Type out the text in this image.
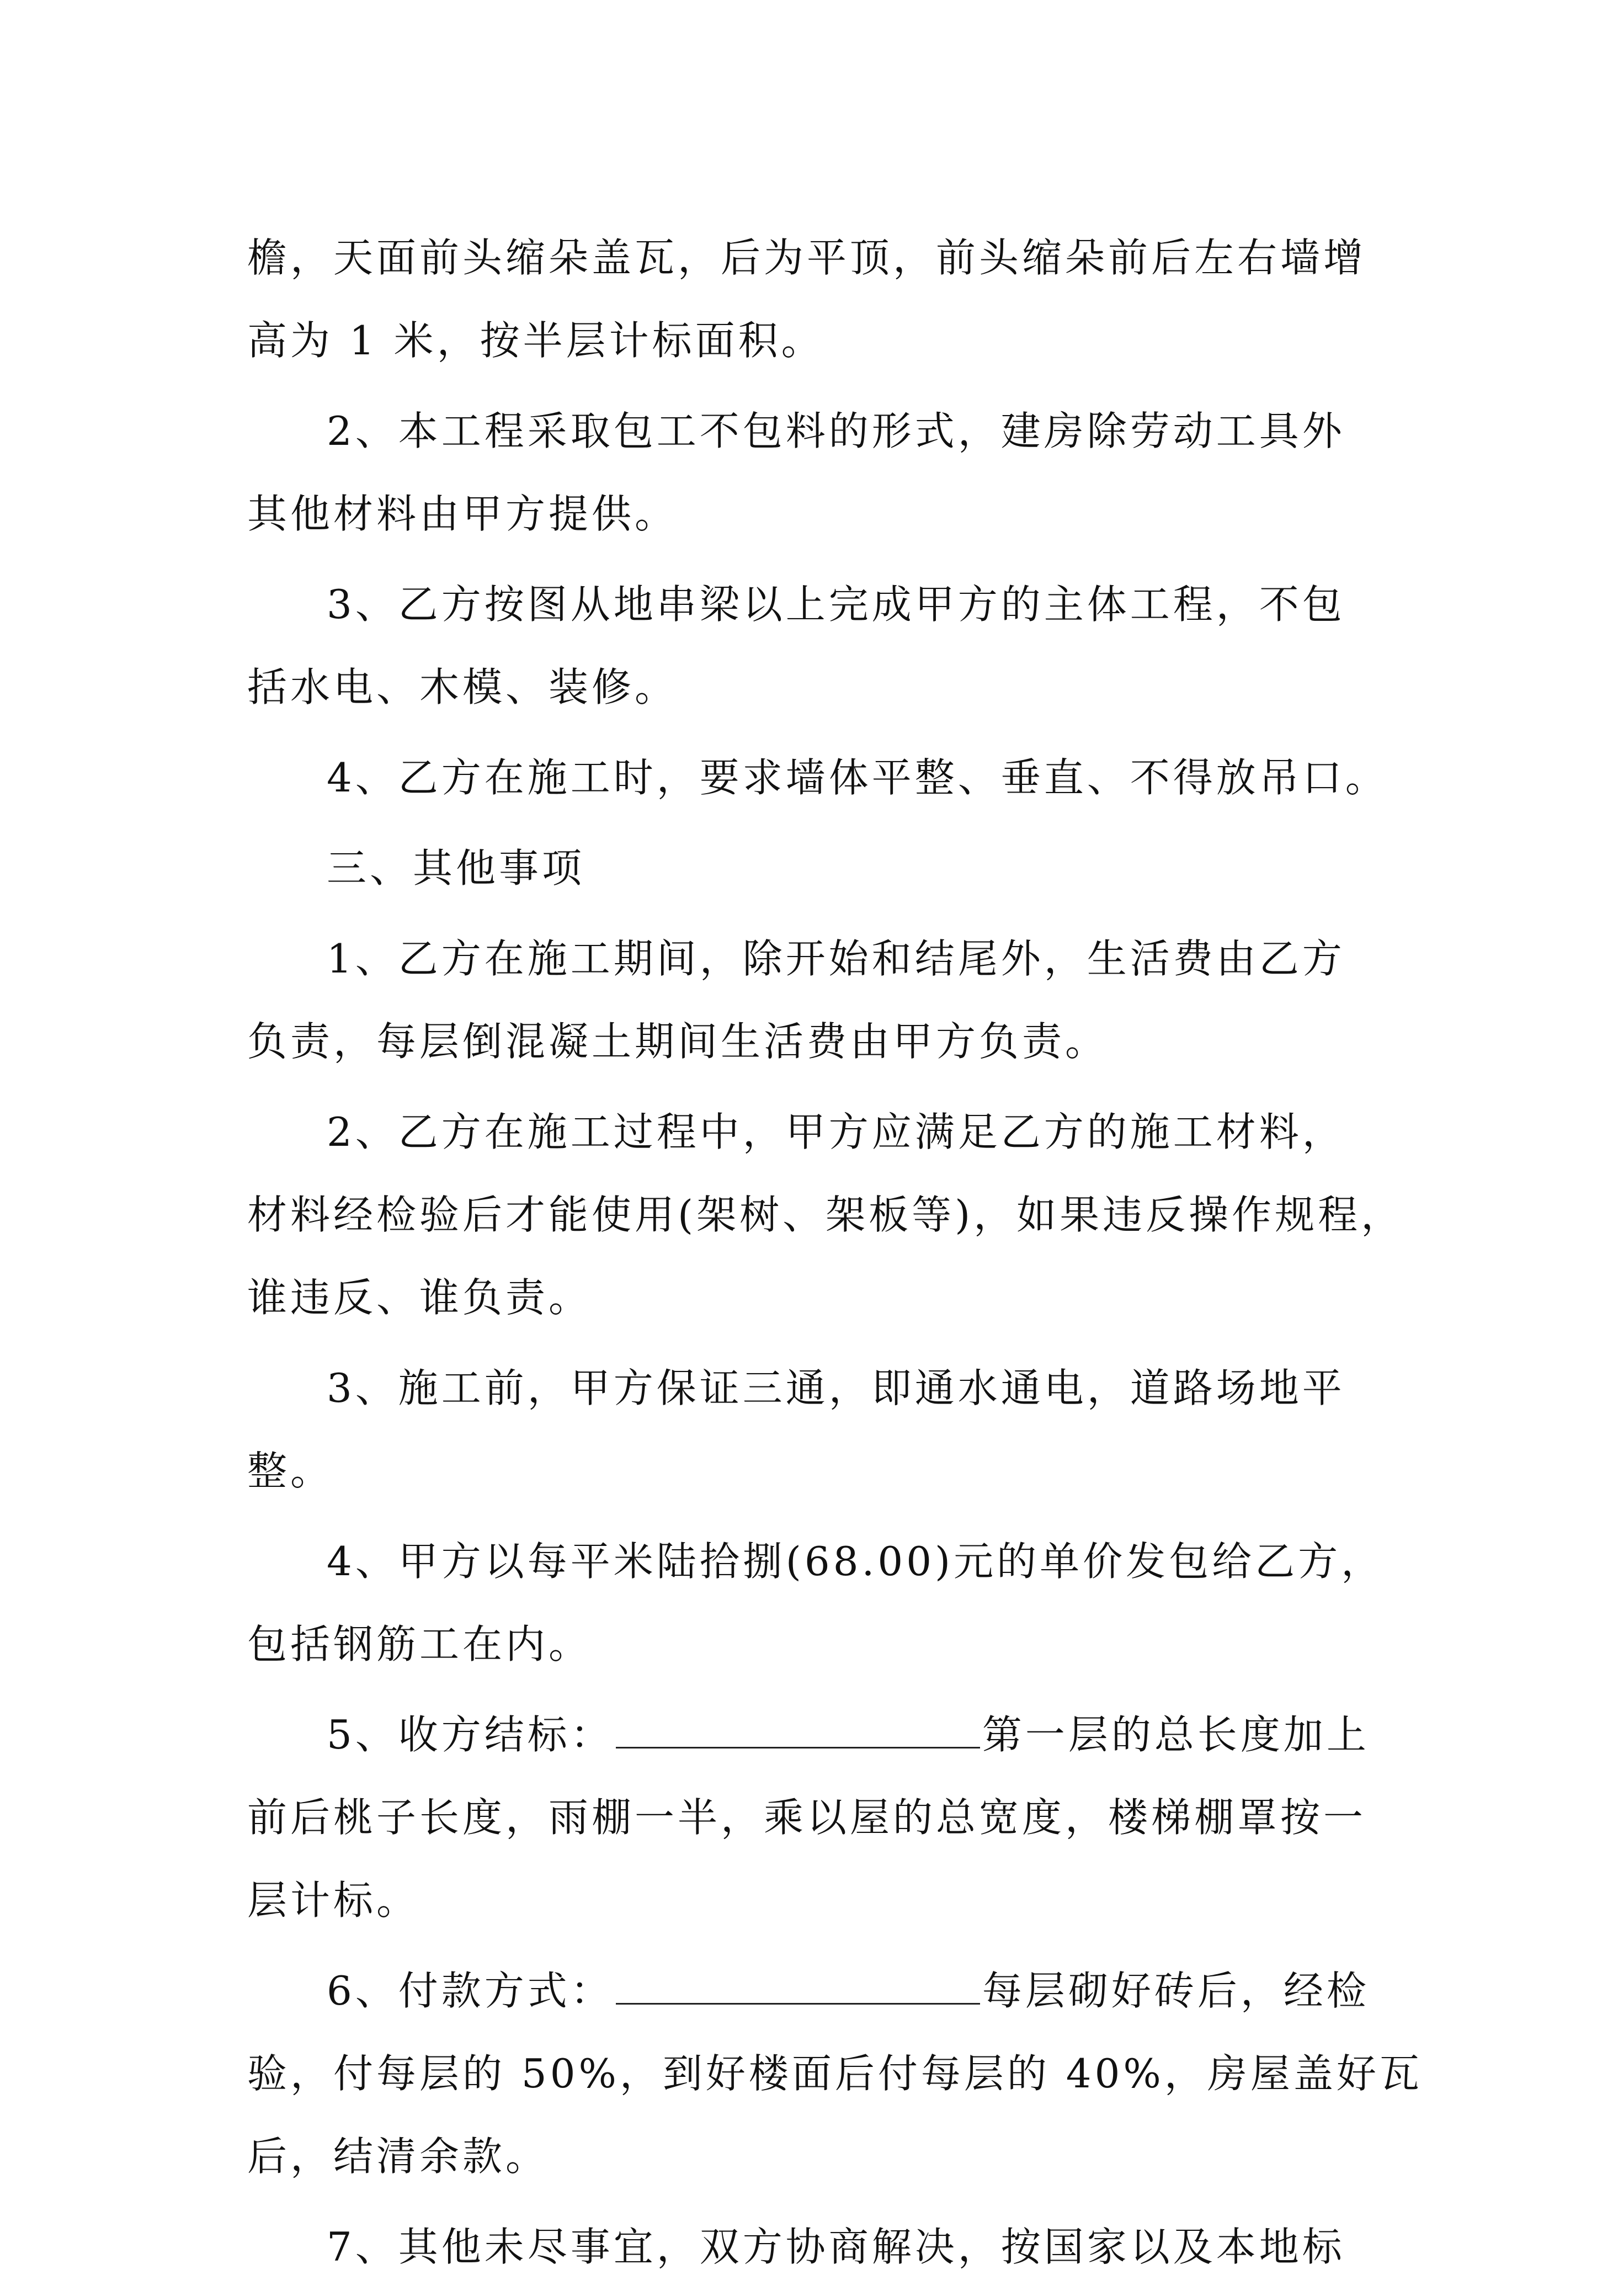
檐，天面前头缩朵盖瓦，后为平顶，前头缩朵前后左右墙增
高为 1 米，按半层计标面积。
2、本工程采取包工不包料的形式，建房除劳动工具外
其他材料由甲方提供。
3、乙方按图从地串梁以上完成甲方的主体工程，不包
括水电、木模、装修。
4、乙方在施工时，要求墙体平整、垂直、不得放吊口。
三、其他事项
1、乙方在施工期间，除开始和结尾外，生活费由乙方
负责，每层倒混凝土期间生活费由甲方负责。
2、乙方在施工过程中，甲方应满足乙方的施工材料，
材料经检验后才能使用(架树、架板等)，如果违反操作规程，
谁违反、谁负责。
3、施工前，甲方保证三通，即通水通电，道路场地平
整。
4、甲方以每平米陆拾捌(68.00)元的单价发包给乙方，
包括钢筋工在内。
5、收方结标：	第一层的总长度加上
前后桃子长度，雨棚一半，乘以屋的总宽度，楼梯棚罩按一
层计标。
6、付款方式：	每层砌好砖后，经检
验，付每层的 50%，到好楼面后付每层的 40%，房屋盖好瓦
后，结清余款。
7、其他未尽事宜，双方协商解决，按国家以及本地标
